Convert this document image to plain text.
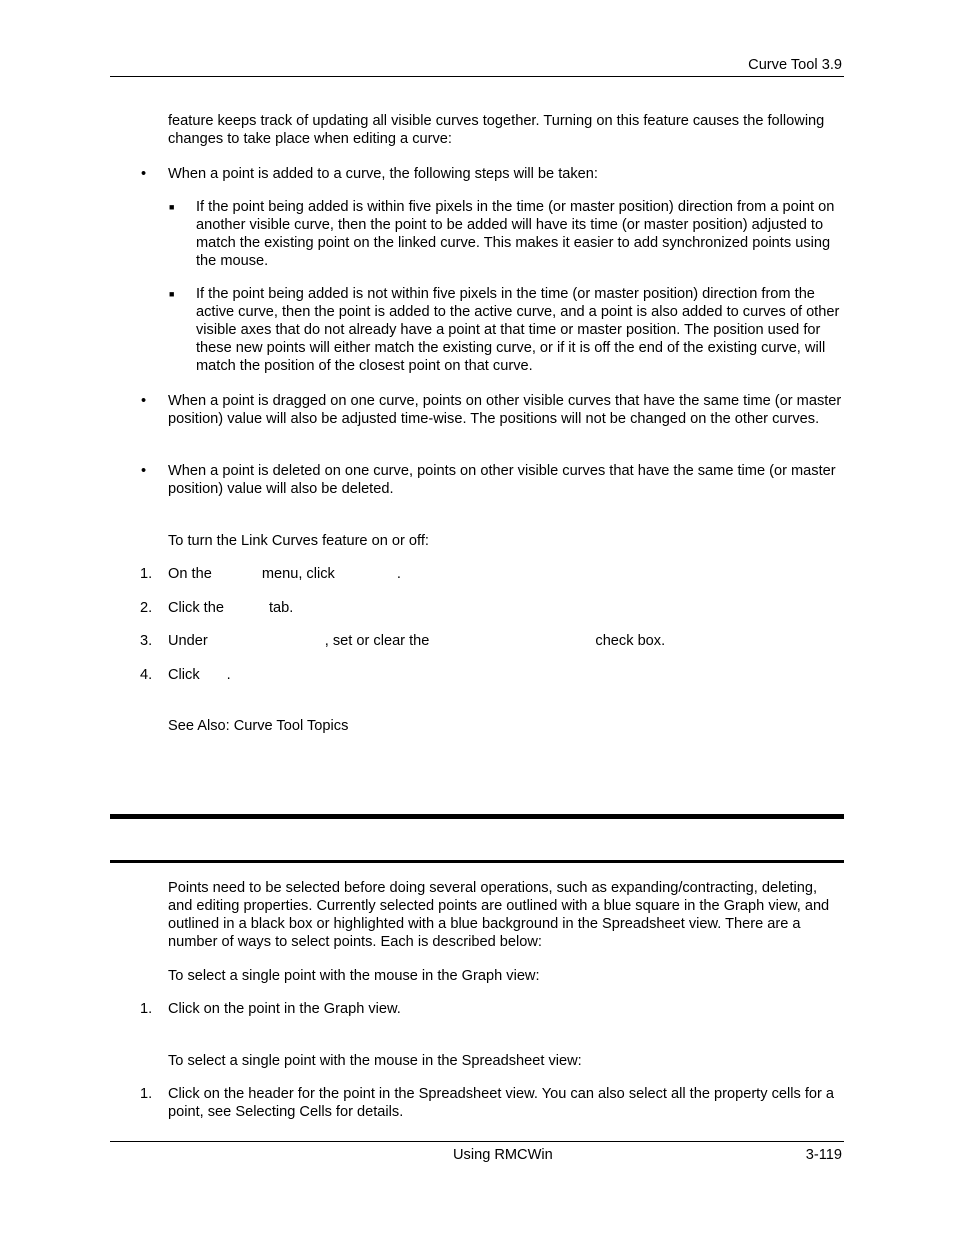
Curve Tool 3.9
feature keeps track of updating all visible curves together. Turning on this feature causes the following changes to take place when editing a curve:
• When a point is added to a curve, the following steps will be taken:
■ If the point being added is within five pixels in the time (or master position) direction from a point on another visible curve, then the point to be added will have its time (or master position) adjusted to match the existing point on the linked curve. This makes it easier to add synchronized points using the mouse.
■ If the point being added is not within five pixels in the time (or master position) direction from the active curve, then the point is added to the active curve, and a point is also added to curves of other visible axes that do not already have a point at that time or master position. The position used for these new points will either match the existing curve, or if it is off the end of the existing curve, will match the position of the closest point on that curve.
• When a point is dragged on one curve, points on other visible curves that have the same time (or master position) value will also be adjusted time-wise. The positions will not be changed on the other curves.
• When a point is deleted on one curve, points on other visible curves that have the same time (or master position) value will also be deleted.
To turn the Link Curves feature on or off:
1. On the	menu, click	.
2. Click the	tab.
3. Under	, set or clear the	check box.
4. Click .
See Also: Curve Tool Topics
Points need to be selected before doing several operations, such as expanding/contracting, deleting, and editing properties. Currently selected points are outlined with a blue square in the Graph view, and outlined in a black box or highlighted with a blue background in the Spreadsheet view. There are a number of ways to select points. Each is described below:
To select a single point with the mouse in the Graph view:
1. Click on the point in the Graph view.
To select a single point with the mouse in the Spreadsheet view:
1. Click on the header for the point in the Spreadsheet view. You can also select all the property cells for a point, see Selecting Cells for details.
Using RMCWin	3-119
